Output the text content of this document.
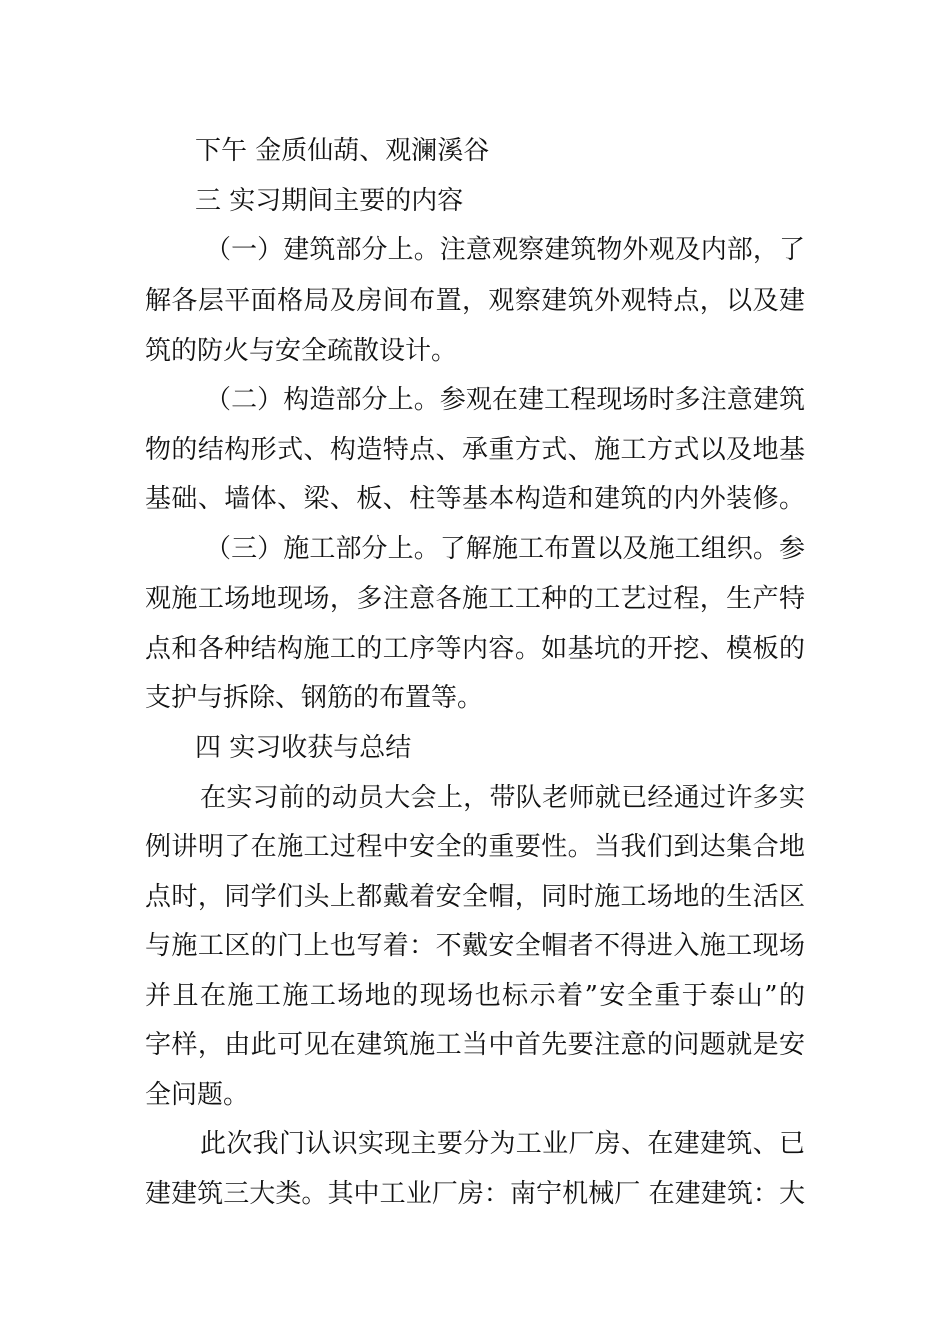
下午 金质仙葫、观澜溪谷
三 实习期间主要的内容
（一）建筑部分上。注意观察建筑物外观及内部，了
解各层平面格局及房间布置，观察建筑外观特点，以及建
筑的防火与安全疏散设计。
（二）构造部分上。参观在建工程现场时多注意建筑
物的结构形式、构造特点、承重方式、施工方式以及地基
基础、墙体、梁、板、柱等基本构造和建筑的内外装修。
（三）施工部分上。了解施工布置以及施工组织。参
观施工场地现场，多注意各施工工种的工艺过程，生产特
点和各种结构施工的工序等内容。如基坑的开挖、模板的
支护与拆除、钢筋的布置等。
四 实习收获与总结
在实习前的动员大会上，带队老师就已经通过许多实
例讲明了在施工过程中安全的重要性。当我们到达集合地
点时，同学们头上都戴着安全帽，同时施工场地的生活区
与施工区的门上也写着：不戴安全帽者不得进入施工现场
并且在施工施工场地的现场也标示着”安全重于泰山”的
字样，由此可见在建筑施工当中首先要注意的问题就是安
全问题。
此次我门认识实现主要分为工业厂房、在建建筑、已
建建筑三大类。其中工业厂房：南宁机械厂 在建建筑：大
